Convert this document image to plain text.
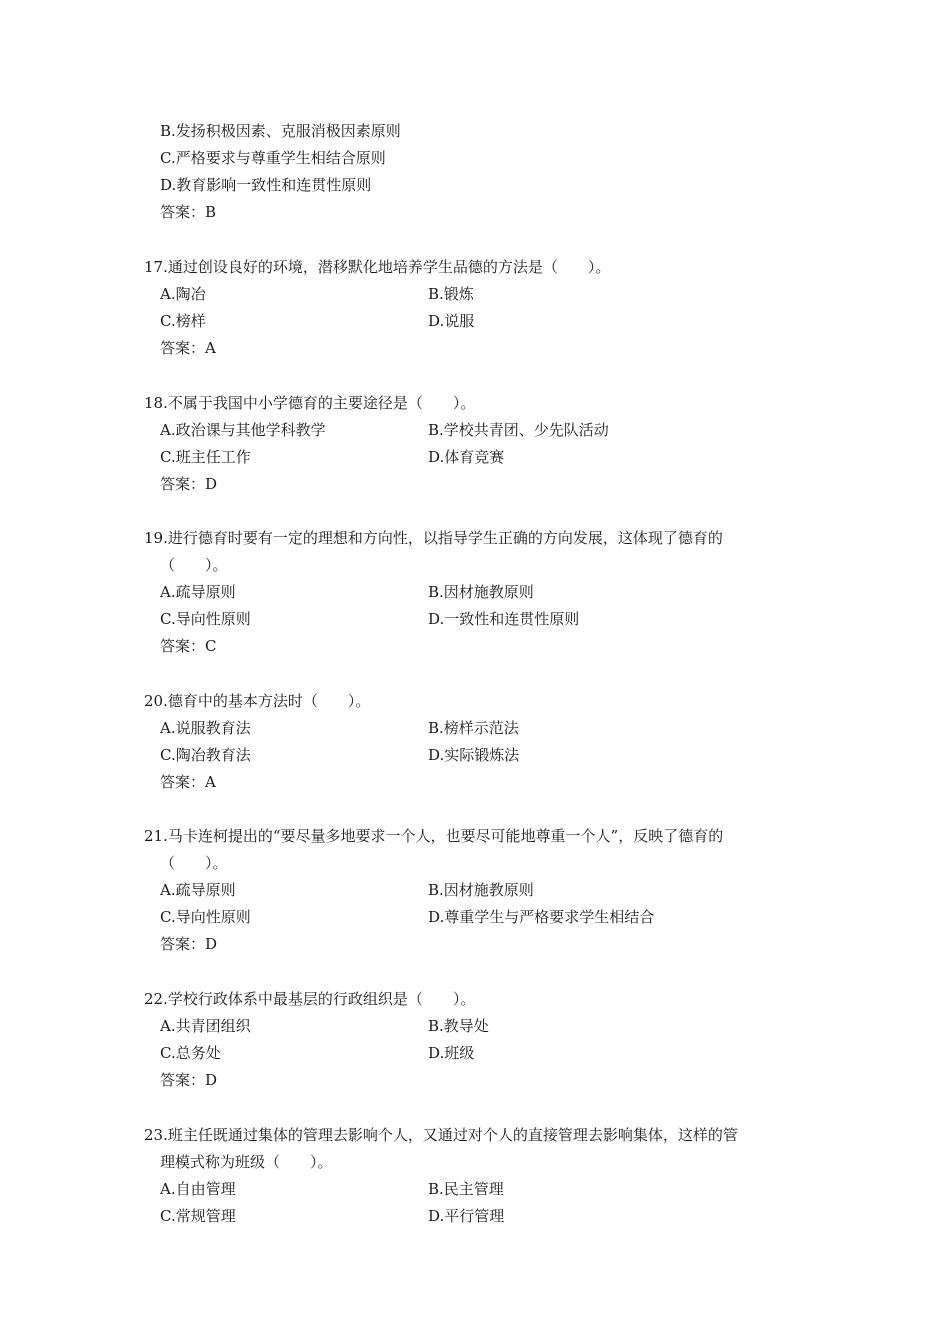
B.发扬积极因素、克服消极因素原则
C.严格要求与尊重学生相结合原则
D.教育影响一致性和连贯性原则
答案：B
17.通过创设良好的环境，潜移默化地培养学生品德的方法是（　　）。
A.陶冶	B.锻炼
C.榜样	D.说服
答案：A
18.不属于我国中小学德育的主要途径是（　　）。
A.政治课与其他学科教学	B.学校共青团、少先队活动
C.班主任工作	D.体育竞赛
答案：D
19.进行德育时要有一定的理想和方向性，以指导学生正确的方向发展，这体现了德育的
（　　）。
A.疏导原则	B.因材施教原则
C.导向性原则	D.一致性和连贯性原则
答案：C
20.德育中的基本方法时（　　）。
A.说服教育法	B.榜样示范法
C.陶冶教育法	D.实际锻炼法
答案：A
21.马卡连柯提出的“要尽量多地要求一个人，也要尽可能地尊重一个人”，反映了德育的
（　　）。
A.疏导原则	B.因材施教原则
C.导向性原则	D.尊重学生与严格要求学生相结合
答案：D
22.学校行政体系中最基层的行政组织是（　　）。
A.共青团组织	B.教导处
C.总务处	D.班级
答案：D
23.班主任既通过集体的管理去影响个人，又通过对个人的直接管理去影响集体，这样的管
理模式称为班级（　　）。
A.自由管理	B.民主管理
C.常规管理	D.平行管理
